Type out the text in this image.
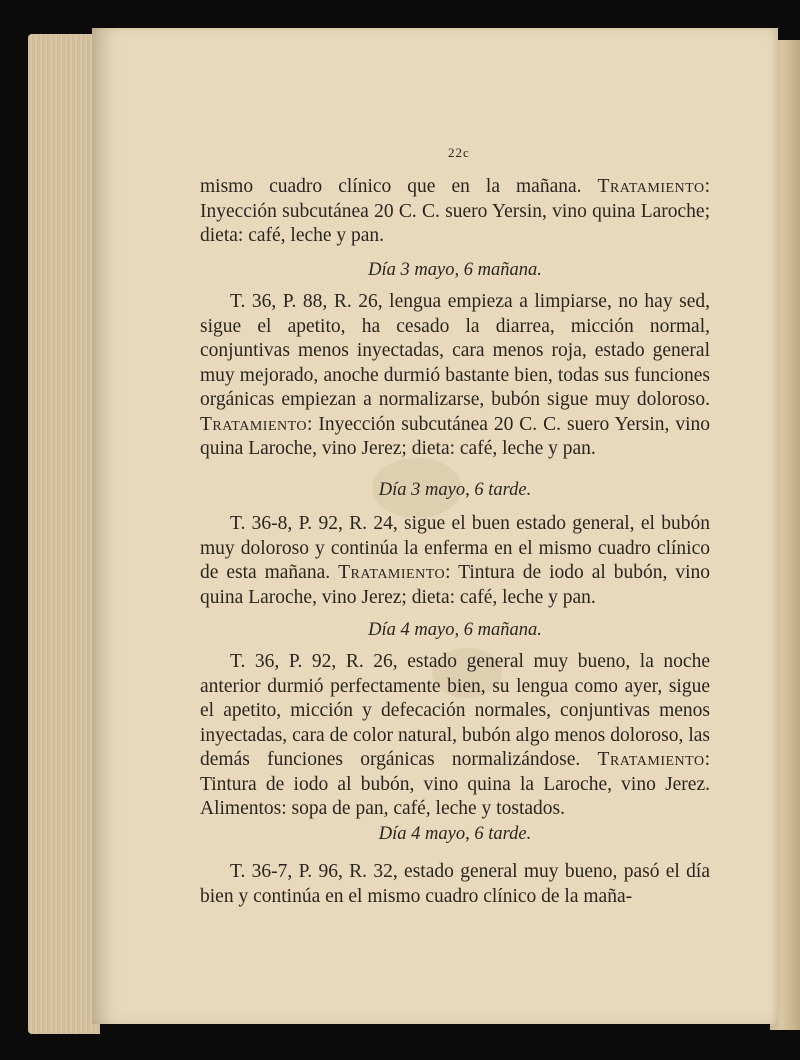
22c

mismo cuadro clínico que en la mañana. Tratamiento: Inyección subcutánea 20 C. C. suero Yersin, vino quina Laroche; dieta: café, leche y pan.

Día 3 mayo, 6 mañana.

T. 36, P. 88, R. 26, lengua empieza a limpiarse, no hay sed, sigue el apetito, ha cesado la diarrea, micción normal, conjuntivas menos inyectadas, cara menos roja, estado general muy mejorado, anoche durmió bastante bien, todas sus funciones orgánicas empiezan a normalizarse, bubón sigue muy doloroso. Tratamiento: Inyección subcutánea 20 C. C. suero Yersin, vino quina Laroche, vino Jerez; dieta: café, leche y pan.

Día 3 mayo, 6 tarde.

T. 36-8, P. 92, R. 24, sigue el buen estado general, el bubón muy doloroso y continúa la enferma en el mismo cuadro clínico de esta mañana. Tratamiento: Tintura de iodo al bubón, vino quina Laroche, vino Jerez; dieta: café, leche y pan.

Día 4 mayo, 6 mañana.

T. 36, P. 92, R. 26, estado general muy bueno, la noche anterior durmió perfectamente bien, su lengua como ayer, sigue el apetito, micción y defecación normales, conjuntivas menos inyectadas, cara de color natural, bubón algo menos doloroso, las demás funciones orgánicas normalizándose. Tratamiento: Tintura de iodo al bubón, vino quina la Laroche, vino Jerez. Alimentos: sopa de pan, café, leche y tostados.

Día 4 mayo, 6 tarde.

T. 36-7, P. 96, R. 32, estado general muy bueno, pasó el día bien y continúa en el mismo cuadro clínico de la maña-
